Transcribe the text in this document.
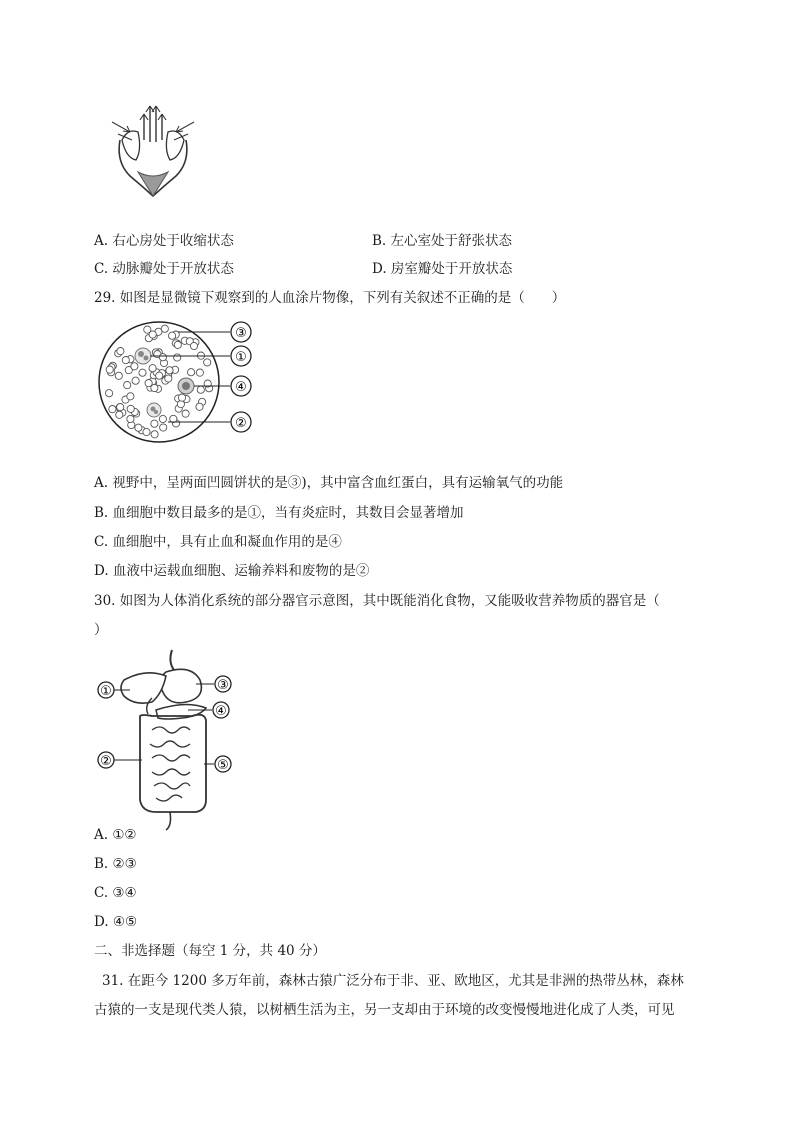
A. 右心房处于收缩状态	B. 左心室处于舒张状态
C. 动脉瓣处于开放状态	D. 房室瓣处于开放状态
29. 如图是显微镜下观察到的人血涂片物像，下列有关叙述不正确的是（　　）
③
①
④
②
A. 视野中，呈两面凹圆饼状的是③)，其中富含血红蛋白，具有运输氧气的功能
B. 血细胞中数目最多的是①，当有炎症时，其数目会显著增加
C. 血细胞中，具有止血和凝血作用的是④
D. 血液中运载血细胞、运输养料和废物的是②
30. 如图为人体消化系统的部分器官示意图，其中既能消化食物，又能吸收营养物质的器官是（
）
①
②
③
④
⑤
A. ①②
B. ②③
C. ③④
D. ④⑤
二、非选择题（每空 1 分，共 40 分）
31. 在距今 1200 多万年前，森林古猿广泛分布于非、亚、欧地区，尤其是非洲的热带丛林，森林
古猿的一支是现代类人猿，以树栖生活为主，另一支却由于环境的改变慢慢地进化成了人类，可见
